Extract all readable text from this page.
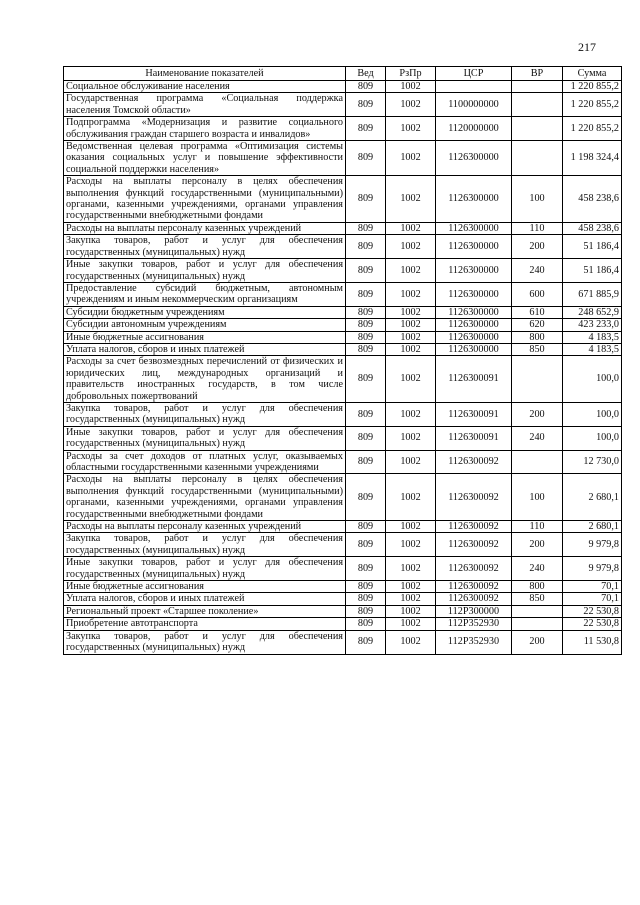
217
Наименование показателей	Вед	РзПр	ЦСР	ВР	Сумма
Социальное обслуживание населения	809	1002			1 220 855,2
Государственная программа «Социальная поддержка населения Томской области»	809	1002	1100000000		1 220 855,2
Подпрограмма «Модернизация и развитие социального обслуживания граждан старшего возраста и инвалидов»	809	1002	1120000000		1 220 855,2
Ведомственная целевая программа «Оптимизация системы оказания социальных услуг и повышение эффективности социальной поддержки населения»	809	1002	1126300000		1 198 324,4
Расходы на выплаты персоналу в целях обеспечения выполнения функций государственными (муниципальными) органами, казенными учреждениями, органами управления государственными внебюджетными фондами	809	1002	1126300000	100	458 238,6
Расходы на выплаты персоналу казенных учреждений	809	1002	1126300000	110	458 238,6
Закупка товаров, работ и услуг для обеспечения государственных (муниципальных) нужд	809	1002	1126300000	200	51 186,4
Иные закупки товаров, работ и услуг для обеспечения государственных (муниципальных) нужд	809	1002	1126300000	240	51 186,4
Предоставление субсидий бюджетным, автономным учреждениям и иным некоммерческим организациям	809	1002	1126300000	600	671 885,9
Субсидии бюджетным учреждениям	809	1002	1126300000	610	248 652,9
Субсидии автономным учреждениям	809	1002	1126300000	620	423 233,0
Иные бюджетные ассигнования	809	1002	1126300000	800	4 183,5
Уплата налогов, сборов и иных платежей	809	1002	1126300000	850	4 183,5
Расходы за счет безвозмездных перечислений от физических и юридических лиц, международных организаций и правительств иностранных государств, в том числе добровольных пожертвований	809	1002	1126300091		100,0
Закупка товаров, работ и услуг для обеспечения государственных (муниципальных) нужд	809	1002	1126300091	200	100,0
Иные закупки товаров, работ и услуг для обеспечения государственных (муниципальных) нужд	809	1002	1126300091	240	100,0
Расходы за счет доходов от платных услуг, оказываемых областными государственными казенными учреждениями	809	1002	1126300092		12 730,0
Расходы на выплаты персоналу в целях обеспечения выполнения функций государственными (муниципальными) органами, казенными учреждениями, органами управления государственными внебюджетными фондами	809	1002	1126300092	100	2 680,1
Расходы на выплаты персоналу казенных учреждений	809	1002	1126300092	110	2 680,1
Закупка товаров, работ и услуг для обеспечения государственных (муниципальных) нужд	809	1002	1126300092	200	9 979,8
Иные закупки товаров, работ и услуг для обеспечения государственных (муниципальных) нужд	809	1002	1126300092	240	9 979,8
Иные бюджетные ассигнования	809	1002	1126300092	800	70,1
Уплата налогов, сборов и иных платежей	809	1002	1126300092	850	70,1
Региональный проект «Старшее поколение»	809	1002	112P300000		22 530,8
Приобретение автотранспорта	809	1002	112P352930		22 530,8
Закупка товаров, работ и услуг для обеспечения государственных (муниципальных) нужд	809	1002	112P352930	200	11 530,8
